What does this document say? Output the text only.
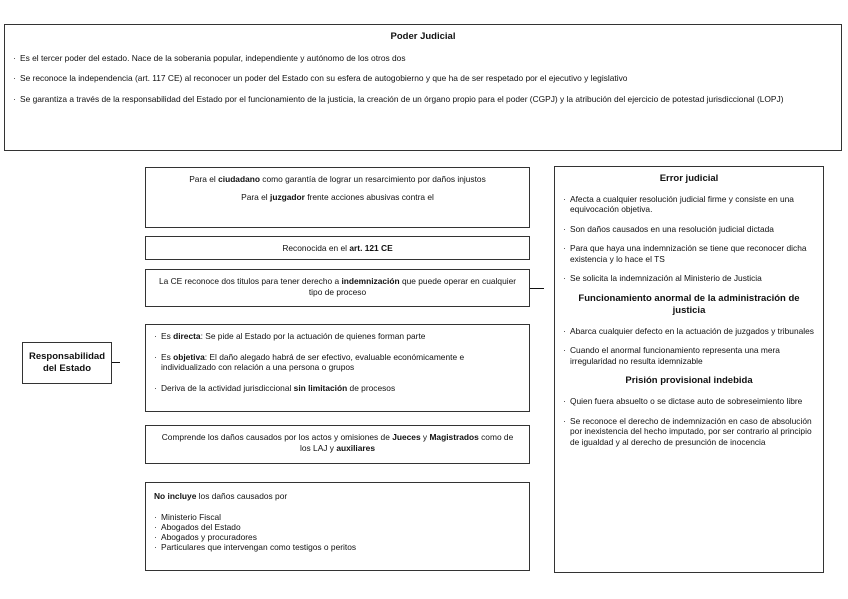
Poder Judicial

· Es el tercer poder del estado. Nace de la soberania popular, independiente y autónomo de los otros dos

· Se reconoce la independencia (art. 117 CE) al reconocer un poder del Estado con su esfera de autogobierno y que ha de ser respetado por el ejecutivo y legislativo

· Se garantiza a través de la responsabilidad del Estado por el funcionamiento de la justicia, la creación de un órgano propio para el poder (CGPJ) y la atribución del ejercicio de potestad jurisdiccional (LOPJ)

Responsabilidad del Estado
Para el ciudadano como garantía de lograr un resarcimiento por daños injustos
Para el juzgador frente acciones abusivas contra el
Reconocida en el art. 121 CE
La CE reconoce dos titulos para tener derecho a indemnización que puede operar en cualquier tipo de proceso

· Es directa: Se pide al Estado por la actuación de quienes forman parte

· Es objetiva: El daño alegado habrá de ser efectivo, evaluable económicamente e individualizado con relación a una persona o grupos

· Deriva de la actividad jurisdiccional sin limitación de procesos

Comprende los daños causados por los actos y omisiones de Jueces y Magistrados como de los LAJ y auxiliares
No incluye los daños causados por

· Ministerio Fiscal

· Abogados del Estado

· Abogados y procuradores

· Particulares que intervengan como testigos o peritos

Error judicial

· Afecta a cualquier resolución judicial firme y consiste en una equivocación objetiva.

· Son daños causados en una resolución judicial dictada

· Para que haya una indemnización se tiene que reconocer dicha existencia y lo hace el TS

· Se solicita la indemnización al Ministerio de Justicia

Funcionamiento anormal de la administración de justicia

· Abarca cualquier defecto en la actuación de juzgados y tribunales

· Cuando el anormal funcionamiento representa una mera irregularidad no resulta idemnizable

Prisión provisional indebida

· Quien fuera absuelto o se dictase auto de sobreseimiento libre

· Se reconoce el derecho de indemnización en caso de absolución por inexistencia del hecho imputado, por ser contrario al principio de igualdad y al derecho de presunción de inocencia
